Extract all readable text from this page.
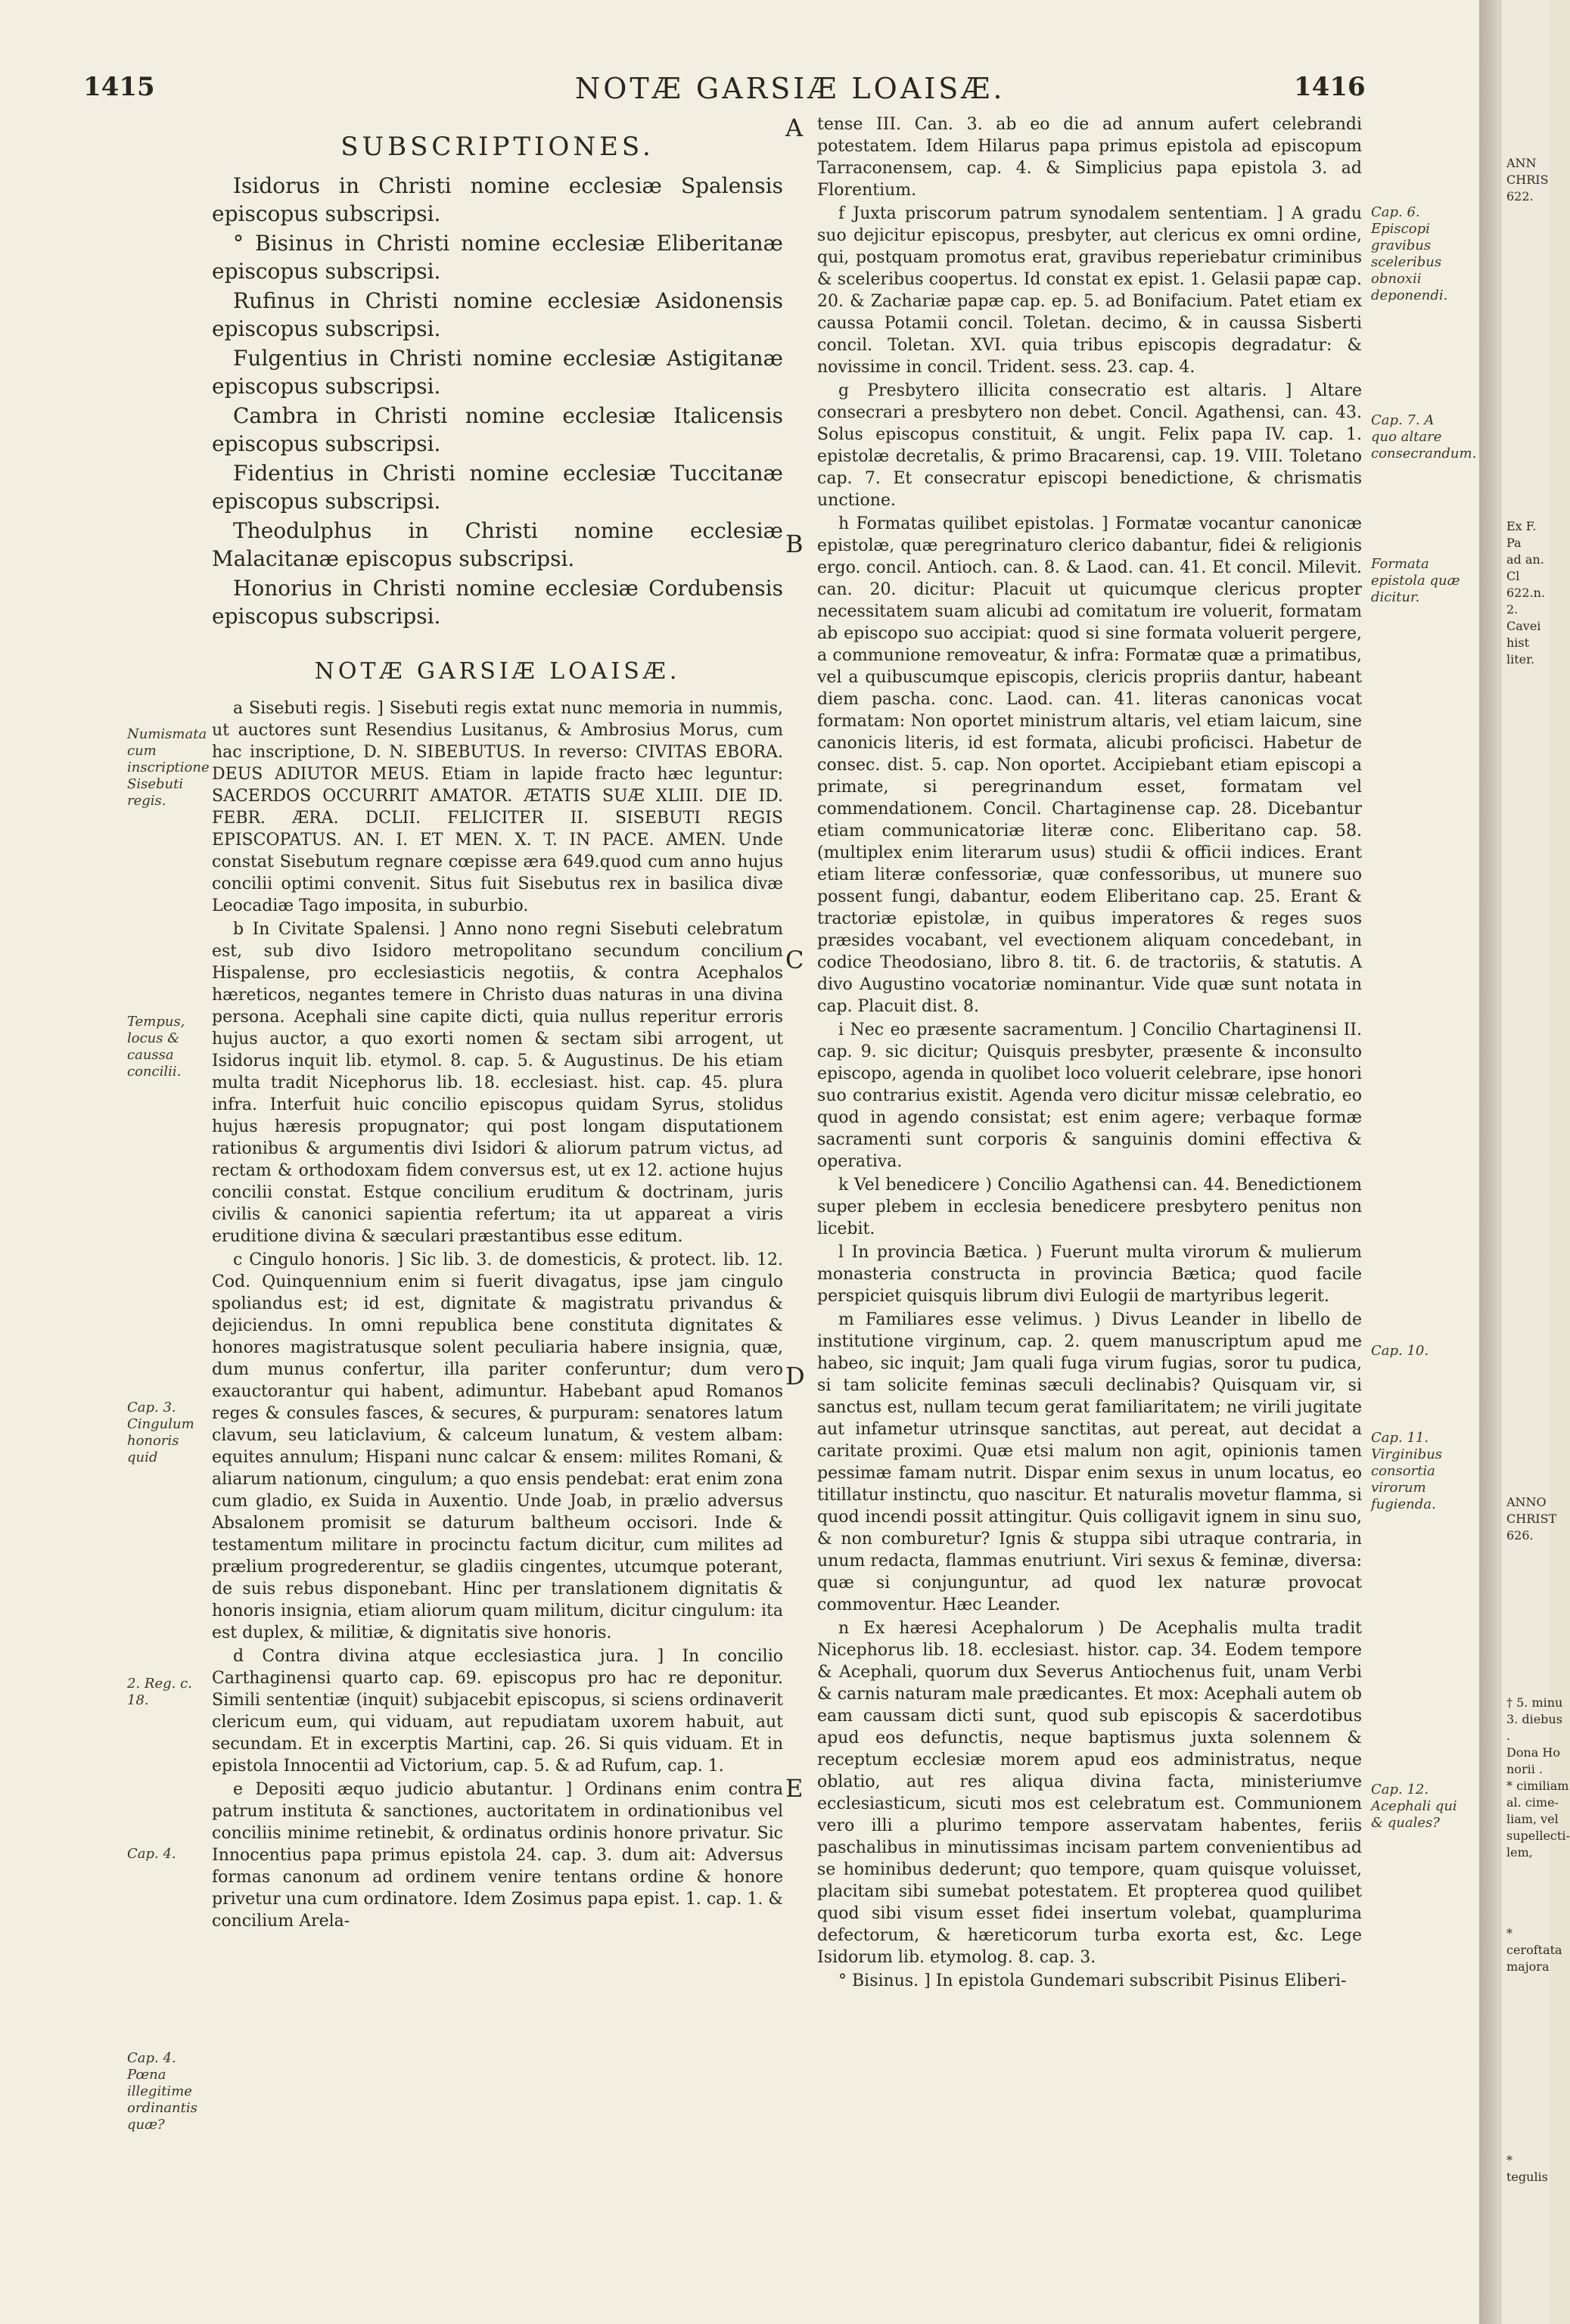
1415	NOTÆ GARSIÆ LOAISÆ.	1416
SUBSCRIPTIONES.

Isidorus in Christi nomine ecclesiæ Spalensis episcopus subscripsi.

° Bisinus in Christi nomine ecclesiæ Eliberitanæ episcopus subscripsi.

Rufinus in Christi nomine ecclesiæ Asidonensis episcopus subscripsi.

Fulgentius in Christi nomine ecclesiæ Astigitanæ episcopus subscripsi.

Cambra in Christi nomine ecclesiæ Italicensis episcopus subscripsi.

Fidentius in Christi nomine ecclesiæ Tuccitanæ episcopus subscripsi.

Theodulphus in Christi nomine ecclesiæ Malacitanæ episcopus subscripsi.

Honorius in Christi nomine ecclesiæ Cordubensis episcopus subscripsi.

NOTÆ GARSIÆ LOAISÆ.

a Sisebuti regis. ] Sisebuti regis extat nunc memoria in nummis, ut auctores sunt Resendius Lusitanus, & Ambrosius Morus, cum hac inscriptione, D. N. SIBEBUTUS. In reverso: CIVITAS EBORA. DEUS ADIUTOR MEUS. Etiam in lapide fracto hæc leguntur: SACERDOS OCCURRIT AMATOR. ÆTATIS SUÆ XLIII. DIE ID. FEBR. ÆRA. DCLII. FELICITER II. SISEBUTI REGIS EPISCOPATUS. AN. I. ET MEN. X. T. IN PACE. AMEN. Unde constat Sisebutum regnare cœpisse æra 649.quod cum anno hujus concilii optimi convenit. Situs fuit Sisebutus rex in basilica divæ Leocadiæ Tago imposita, in suburbio.

b In Civitate Spalensi. ] Anno nono regni Sisebuti celebratum est, sub divo Isidoro metropolitano secundum concilium Hispalense, pro ecclesiasticis negotiis, & contra Acephalos hæreticos, negantes temere in Christo duas naturas in una divina persona. Acephali sine capite dicti, quia nullus reperitur erroris hujus auctor, a quo exorti nomen & sectam sibi arrogent, ut Isidorus inquit lib. etymol. 8. cap. 5. & Augustinus. De his etiam multa tradit Nicephorus lib. 18. ecclesiast. hist. cap. 45. plura infra. Interfuit huic concilio episcopus quidam Syrus, stolidus hujus hæresis propugnator; qui post longam disputationem rationibus & argumentis divi Isidori & aliorum patrum victus, ad rectam & orthodoxam fidem conversus est, ut ex 12. actione hujus concilii constat. Estque concilium eruditum & doctrinam, juris civilis & canonici sapientia refertum; ita ut appareat a viris eruditione divina & sæculari præstantibus esse editum.

c Cingulo honoris. ] Sic lib. 3. de domesticis, & protect. lib. 12. Cod. Quinquennium enim si fuerit divagatus, ipse jam cingulo spoliandus est; id est, dignitate & magistratu privandus & dejiciendus. In omni republica bene constituta dignitates & honores magistratusque solent peculiaria habere insignia, quæ, dum munus confertur, illa pariter conferuntur; dum vero exauctorantur qui habent, adimuntur. Habebant apud Romanos reges & consules fasces, & secures, & purpuram: senatores latum clavum, seu laticlavium, & calceum lunatum, & vestem albam: equites annulum; Hispani nunc calcar & ensem: milites Romani, & aliarum nationum, cingulum; a quo ensis pendebat: erat enim zona cum gladio, ex Suida in Auxentio. Unde Joab, in prælio adversus Absalonem promisit se daturum baltheum occisori. Inde & testamentum militare in procinctu factum dicitur, cum milites ad prælium progrederentur, se gladiis cingentes, utcumque poterant, de suis rebus disponebant. Hinc per translationem dignitatis & honoris insignia, etiam aliorum quam militum, dicitur cingulum: ita est duplex, & militiæ, & dignitatis sive honoris.

d Contra divina atque ecclesiastica jura. ] In concilio Carthaginensi quarto cap. 69. episcopus pro hac re deponitur. Simili sententiæ (inquit) subjacebit episcopus, si sciens ordinaverit clericum eum, qui viduam, aut repudiatam uxorem habuit, aut secundam. Et in excerptis Martini, cap. 26. Si quis viduam. Et in epistola Innocentii ad Victorium, cap. 5. & ad Rufum, cap. 1.

e Depositi æquo judicio abutantur. ] Ordinans enim contra patrum instituta & sanctiones, auctoritatem in ordinationibus vel conciliis minime retinebit, & ordinatus ordinis honore privatur. Sic Innocentius papa primus epistola 24. cap. 3. dum ait: Adversus formas canonum ad ordinem venire tentans ordine & honore privetur una cum ordinatore. Idem Zosimus papa epist. 1. cap. 1. & concilium Arela-

A
B
C
D
E

tense III. Can. 3. ab eo die ad annum aufert celebrandi potestatem. Idem Hilarus papa primus epistola ad episcopum Tarraconensem, cap. 4. & Simplicius papa epistola 3. ad Florentium.

f Juxta priscorum patrum synodalem sententiam. ] A gradu suo dejicitur episcopus, presbyter, aut clericus ex omni ordine, qui, postquam promotus erat, gravibus reperiebatur criminibus & sceleribus coopertus. Id constat ex epist. 1. Gelasii papæ cap. 20. & Zachariæ papæ cap. ep. 5. ad Bonifacium. Patet etiam ex caussa Potamii concil. Toletan. decimo, & in caussa Sisberti concil. Toletan. XVI. quia tribus episcopis degradatur: & novissime in concil. Trident. sess. 23. cap. 4.

g Presbytero illicita consecratio est altaris. ] Altare consecrari a presbytero non debet. Concil. Agathensi, can. 43. Solus episcopus constituit, & ungit. Felix papa IV. cap. 1. epistolæ decretalis, & primo Bracarensi, cap. 19. VIII. Toletano cap. 7. Et consecratur episcopi benedictione, & chrismatis unctione.

h Formatas quilibet epistolas. ] Formatæ vocantur canonicæ epistolæ, quæ peregrinaturo clerico dabantur, fidei & religionis ergo. concil. Antioch. can. 8. & Laod. can. 41. Et concil. Milevit. can. 20. dicitur: Placuit ut quicumque clericus propter necessitatem suam alicubi ad comitatum ire voluerit, formatam ab episcopo suo accipiat: quod si sine formata voluerit pergere, a communione removeatur, & infra: Formatæ quæ a primatibus, vel a quibuscumque episcopis, clericis propriis dantur, habeant diem pascha. conc. Laod. can. 41. literas canonicas vocat formatam: Non oportet ministrum altaris, vel etiam laicum, sine canonicis literis, id est formata, alicubi proficisci. Habetur de consec. dist. 5. cap. Non oportet. Accipiebant etiam episcopi a primate, si peregrinandum esset, formatam vel commendationem. Concil. Chartaginense cap. 28. Dicebantur etiam communicatoriæ literæ conc. Eliberitano cap. 58. (multiplex enim literarum usus) studii & officii indices. Erant etiam literæ confessoriæ, quæ confessoribus, ut munere suo possent fungi, dabantur, eodem Eliberitano cap. 25. Erant & tractoriæ epistolæ, in quibus imperatores & reges suos præsides vocabant, vel evectionem aliquam concedebant, in codice Theodosiano, libro 8. tit. 6. de tractoriis, & statutis. A divo Augustino vocatoriæ nominantur. Vide quæ sunt notata in cap. Placuit dist. 8.

i Nec eo præsente sacramentum. ] Concilio Chartaginensi II. cap. 9. sic dicitur; Quisquis presbyter, præsente & inconsulto episcopo, agenda in quolibet loco voluerit celebrare, ipse honori suo contrarius existit. Agenda vero dicitur missæ celebratio, eo quod in agendo consistat; est enim agere; verbaque formæ sacramenti sunt corporis & sanguinis domini effectiva & operativa.

k Vel benedicere ) Concilio Agathensi can. 44. Benedictionem super plebem in ecclesia benedicere presbytero penitus non licebit.

l In provincia Bætica. ) Fuerunt multa virorum & mulierum monasteria constructa in provincia Bætica; quod facile perspiciet quisquis librum divi Eulogii de martyribus legerit.

m Familiares esse velimus. ) Divus Leander in libello de institutione virginum, cap. 2. quem manuscriptum apud me habeo, sic inquit; Jam quali fuga virum fugias, soror tu pudica, si tam solicite feminas sæculi declinabis? Quisquam vir, si sanctus est, nullam tecum gerat familiaritatem; ne virili jugitate aut infametur utrinsque sanctitas, aut pereat, aut decidat a caritate proximi. Quæ etsi malum non agit, opinionis tamen pessimæ famam nutrit. Dispar enim sexus in unum locatus, eo titillatur instinctu, quo nascitur. Et naturalis movetur flamma, si quod incendi possit attingitur. Quis colligavit ignem in sinu suo, & non comburetur? Ignis & stuppa sibi utraque contraria, in unum redacta, flammas enutriunt. Viri sexus & feminæ, diversa: quæ si conjunguntur, ad quod lex naturæ provocat commoventur. Hæc Leander.

n Ex hæresi Acephalorum ) De Acephalis multa tradit Nicephorus lib. 18. ecclesiast. histor. cap. 34. Eodem tempore & Acephali, quorum dux Severus Antiochenus fuit, unam Verbi & carnis naturam male prædicantes. Et mox: Acephali autem ob eam caussam dicti sunt, quod sub episcopis & sacerdotibus apud eos defunctis, neque baptismus juxta solennem & receptum ecclesiæ morem apud eos administratus, neque oblatio, aut res aliqua divina facta, ministeriumve ecclesiasticum, sicuti mos est celebratum est. Communionem vero illi a plurimo tempore asservatam habentes, feriis paschalibus in minutissimas incisam partem convenientibus ad se hominibus dederunt; quo tempore, quam quisque voluisset, placitam sibi sumebat potestatem. Et propterea quod quilibet quod sibi visum esset fidei insertum volebat, quamplurima defectorum, & hæreticorum turba exorta est, &c. Lege Isidorum lib. etymolog. 8. cap. 3.

° Bisinus. ] In epistola Gundemari subscribit Pisinus Eliberi-

Numismata cum inscriptione Sisebuti regis.
Tempus, locus & caussa concilii.
Cap. 3. Cingulum honoris quid
2. Reg. c. 18.
Cap. 4.
Cap. 4. Pœna illegitime ordinantis quæ?
Cap. 6. Episcopi gravibus sceleribus obnoxii deponendi.
Cap. 7. A quo altare consecrandum.
Formata epistola quæ dicitur.
Cap. 10.
Cap. 11. Virginibus consortia virorum fugienda.
Cap. 12. Acephali qui & quales?
ANN
CHRIS
622.
Ex F. Pa
ad an. Cl
622.n. 2.
Cavei hist
liter.
ANNO
CHRIST
626.
† 5. minu
3. diebus .
Dona Ho
norii .
* cimiliam
al. cime-
liam, vel
supellecti-
lem,
* ceroftata
majora
* tegulis
